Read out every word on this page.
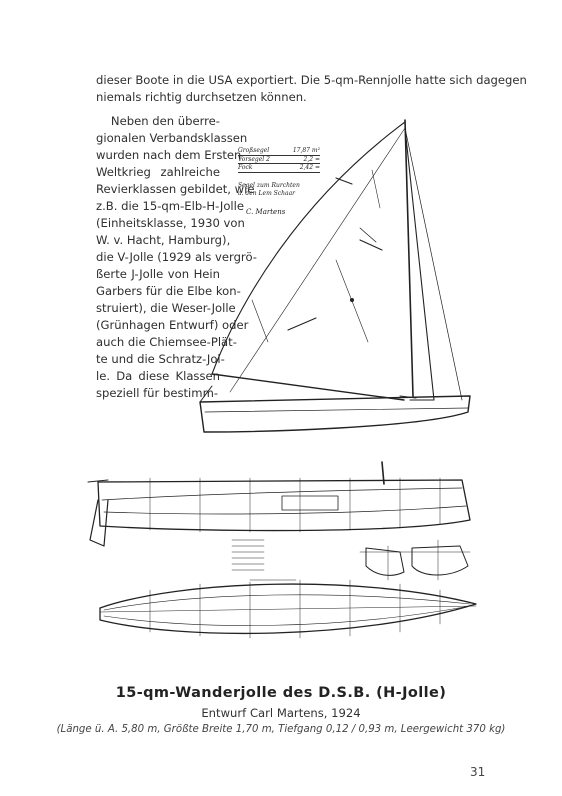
dieser Boote in die USA exportiert. Die 5-qm-Rennjolle hatte sich dagegen
niemals richtig durchsetzen können.
Neben den überre-
gionalen Verbandsklassen
wurden nach dem Ersten
Weltkrieg zahlreiche
Revierklassen gebildet, wie
z.B. die 15-qm-Elb-H-Jolle
(Einheitsklasse, 1930 von
W. v. Hacht, Hamburg),
die V-Jolle (1929 als vergrö-
ßerte J-Jolle von Hein
Garbers für die Elbe kon-
struiert), die Weser-Jolle
(Grünhagen Entwurf) oder
auch die Chiemsee-Plät-
te und die Schratz-Jol-
le. Da diese Klassen
speziell für bestimm-
Großsegel	17,87 m²
Vorsegel 2	2,2 =
Fock	2,42 =
Segel zum Rurchten
a. den Lem Schaar
C. Martens
15-qm-Wanderjolle des D.S.B. (H-Jolle)
Entwurf Carl Martens, 1924
(Länge ü. A. 5,80 m, Größte Breite 1,70 m, Tiefgang 0,12 / 0,93 m, Leergewicht 370 kg)
31
